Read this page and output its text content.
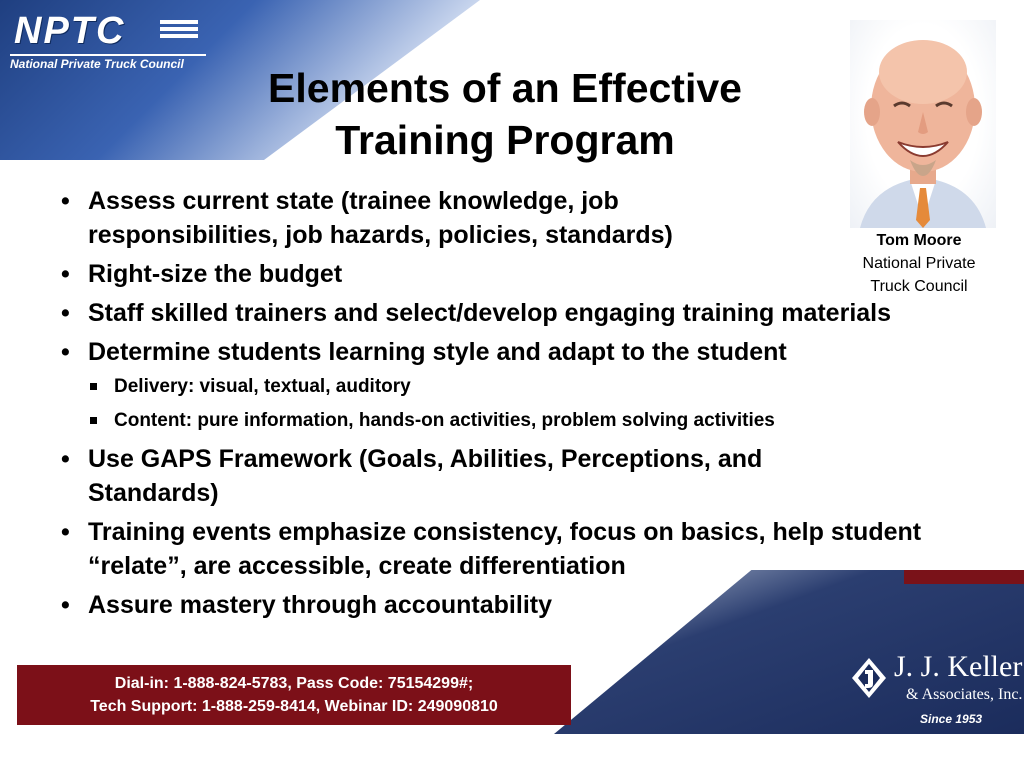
NPTC
National Private Truck Council
Elements of an Effective
Training Program
Tom Moore
National Private
Truck Council
• Assess current state (trainee knowledge, job responsibilities, job hazards, policies, standards)
• Right-size the budget
• Staff skilled trainers and select/develop engaging training materials
• Determine students learning style and adapt to the student
Delivery: visual, textual, auditory
Content: pure information, hands-on activities, problem solving activities
• Use GAPS Framework (Goals, Abilities, Perceptions, and Standards)
• Training events emphasize consistency, focus on basics, help student “relate”, are accessible, create differentiation
• Assure mastery through accountability
J. J. Keller
& Associates, Inc.
Since 1953
Dial-in: 1-888-824-5783, Pass Code: 75154299#;
Tech Support: 1-888-259-8414, Webinar ID: 249090810
